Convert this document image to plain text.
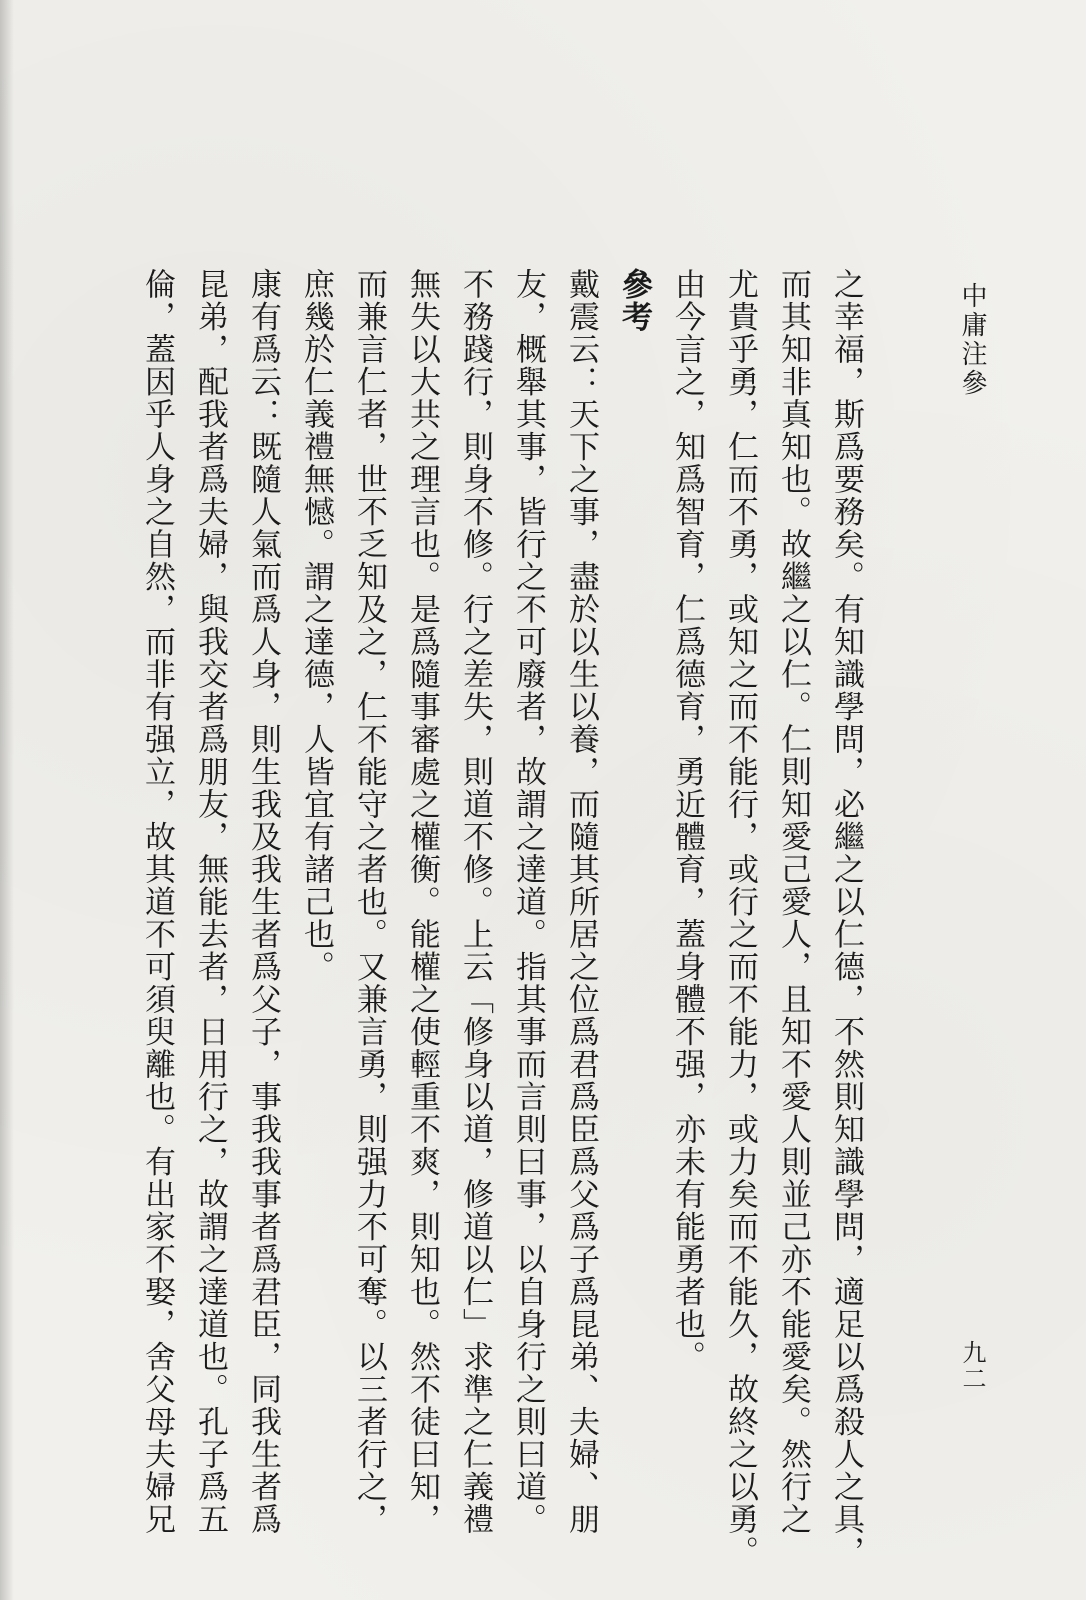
中庸注參
九二
之幸福，斯爲要務矣。有知識學問，必繼之以仁德，不然則知識學問，適足以爲殺人之具，
而其知非真知也。故繼之以仁。仁則知愛己愛人，且知不愛人則並己亦不能愛矣。然行之
尤貴乎勇，仁而不勇，或知之而不能行，或行之而不能力，或力矣而不能久，故終之以勇。
由今言之，知爲智育，仁爲德育，勇近體育，蓋身體不强，亦未有能勇者也。
參考
戴震云：天下之事，盡於以生以養，而隨其所居之位爲君爲臣爲父爲子爲昆弟、夫婦、朋
友，概舉其事，皆行之不可廢者，故謂之達道。指其事而言則曰事，以自身行之則曰道。
不務踐行，則身不修。行之差失，則道不修。上云「修身以道，修道以仁」求準之仁義禮
無失以大共之理言也。是爲隨事審處之權衡。能權之使輕重不爽，則知也。然不徒曰知，
而兼言仁者，世不乏知及之，仁不能守之者也。又兼言勇，則强力不可奪。以三者行之，
庶幾於仁義禮無憾。謂之達德，人皆宜有諸己也。
康有爲云：既隨人氣而爲人身，則生我及我生者爲父子，事我我事者爲君臣，同我生者爲
昆弟，配我者爲夫婦，與我交者爲朋友，無能去者，日用行之，故謂之達道也。孔子爲五
倫，蓋因乎人身之自然，而非有强立，故其道不可須臾離也。有出家不娶，舍父母夫婦兄
